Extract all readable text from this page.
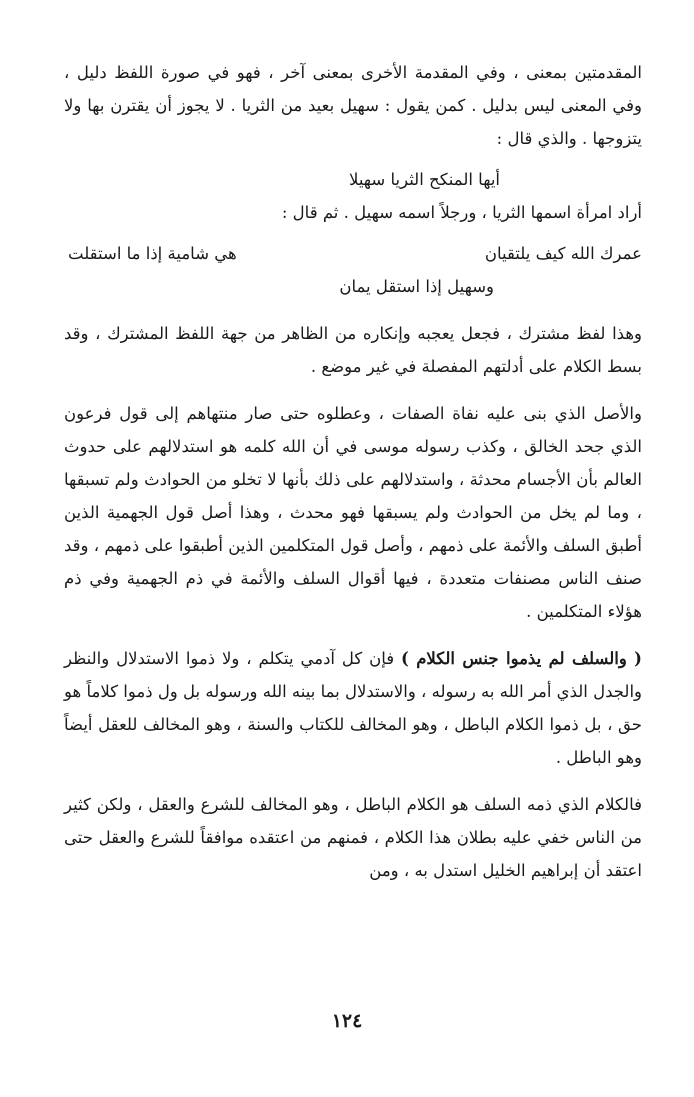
المقدمتين بمعنى ، وفي المقدمة الأخرى بمعنى آخر ، فهو في صورة اللفظ دليل ، وفي المعنى ليس بدليل . كمن يقول : سهيل بعيد من الثريا . لا يجوز أن يقترن بها ولا يتزوجها . والذي قال :

أيها المنكح الثريا سهيلا

أراد امرأة اسمها الثريا ، ورجلاً اسمه سهيل . ثم قال :

عمرك الله كيف يلتقيان
هي شامية إذا ما استقلت
وسهيل إذا استقل يمان

وهذا لفظ مشترك ، فجعل يعجبه وإنكاره من الظاهر من جهة اللفظ المشترك ، وقد بسط الكلام على أدلتهم المفصلة في غير موضع .

والأصل الذي بنى عليه نفاة الصفات ، وعطلوه حتى صار منتهاهم إلى قول فرعون الذي جحد الخالق ، وكذب رسوله موسى في أن الله كلمه هو استدلالهم على حدوث العالم بأن الأجسام محدثة ، واستدلالهم على ذلك بأنها لا تخلو من الحوادث ولم تسبقها ، وما لم يخل من الحوادث ولم يسبقها فهو محدث ، وهذا أصل قول الجهمية الذين أطبق السلف والأئمة على ذمهم ، وأصل قول المتكلمين الذين أطبقوا على ذمهم ، وقد صنف الناس مصنفات متعددة ، فيها أقوال السلف والأئمة في ذم الجهمية وفي ذم هؤلاء المتكلمين .

( والسلف لم يذموا جنس الكلام ) فإن كل آدمي يتكلم ، ولا ذموا الاستدلال والنظر والجدل الذي أمر الله به رسوله ، والاستدلال بما بينه الله ورسوله بل ول ذموا كلاماً هو حق ، بل ذموا الكلام الباطل ، وهو المخالف للكتاب والسنة ، وهو المخالف للعقل أيضاً وهو الباطل .

فالكلام الذي ذمه السلف هو الكلام الباطل ، وهو المخالف للشرع والعقل ، ولكن كثير من الناس خفي عليه بطلان هذا الكلام ، فمنهم من اعتقده موافقاً للشرع والعقل حتى اعتقد أن إبراهيم الخليل استدل به ، ومن

١٢٤
